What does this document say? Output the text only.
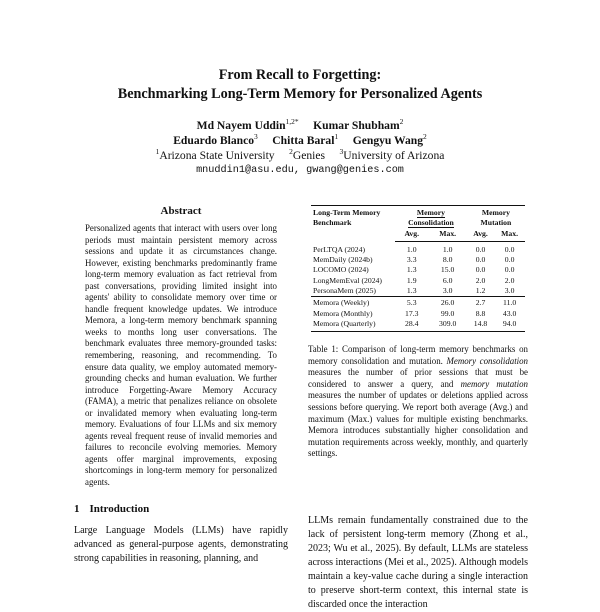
From Recall to Forgetting:
Benchmarking Long-Term Memory for Personalized Agents
Md Nayem Uddin$^{1,2*}$ Kumar Shubham$^2$
Eduardo Blanco$^3$ Chitta Baral$^1$ Gengyu Wang$^2$
$^1$Arizona State University $^2$Genies $^3$University of Arizona
mnuddin1@asu.edu, gwang@genies.com
Abstract
Personalized agents that interact with users over long periods must maintain persistent memory across sessions and update it as circumstances change. However, existing benchmarks predominantly frame long-term memory evaluation as fact retrieval from past conversations, providing limited insight into agents' ability to consolidate memory over time or handle frequent knowledge updates. We introduce Memora, a long-term memory benchmark spanning weeks to months long user conversations. The benchmark evaluates three memory-grounded tasks: remembering, reasoning, and recommending. To ensure data quality, we employ automated memory-grounding checks and human evaluation. We further introduce Forgetting-Aware Memory Accuracy (FAMA), a metric that penalizes reliance on obsolete or invalidated memory when evaluating long-term memory. Evaluations of four LLMs and six memory agents reveal frequent reuse of invalid memories and failures to reconcile evolving memories. Memory agents offer marginal improvements, exposing shortcomings in long-term memory for personalized agents.
1 Introduction
Large Language Models (LLMs) have rapidly advanced as general-purpose agents, demonstrating strong capabilities in reasoning, planning, and
Long-Term Memory Benchmark	Memory Consolidation		Memory Mutation	
	Avg.	Max.	Avg.	Max.
PerLTQA (2024)	1.0	1.0	0.0	0.0
MemDaily (2024b)	3.3	8.0	0.0	0.0
LOCOMO (2024)	1.3	15.0	0.0	0.0
LongMemEval (2024)	1.9	6.0	2.0	2.0
PersonaMem (2025)	1.3	3.0	1.2	3.0
Memora (Weekly)	5.3	26.0	2.7	11.0
Memora (Monthly)	17.3	99.0	8.8	43.0
Memora (Quarterly)	28.4	309.0	14.8	94.0
Table 1: Comparison of long-term memory benchmarks on memory consolidation and mutation. Memory consolidation measures the number of prior sessions that must be considered to answer a query, and memory mutation measures the number of updates or deletions applied across sessions before querying. We report both average (Avg.) and maximum (Max.) values for multiple existing benchmarks. Memora introduces substantially higher consolidation and mutation requirements across weekly, monthly, and quarterly settings.
LLMs remain fundamentally constrained due to the lack of persistent long-term memory (Zhong et al., 2023; Wu et al., 2025). By default, LLMs are stateless across interactions (Mei et al., 2025). Although models maintain a key-value cache during a single interaction to preserve short-term context, this internal state is discarded once the interaction
